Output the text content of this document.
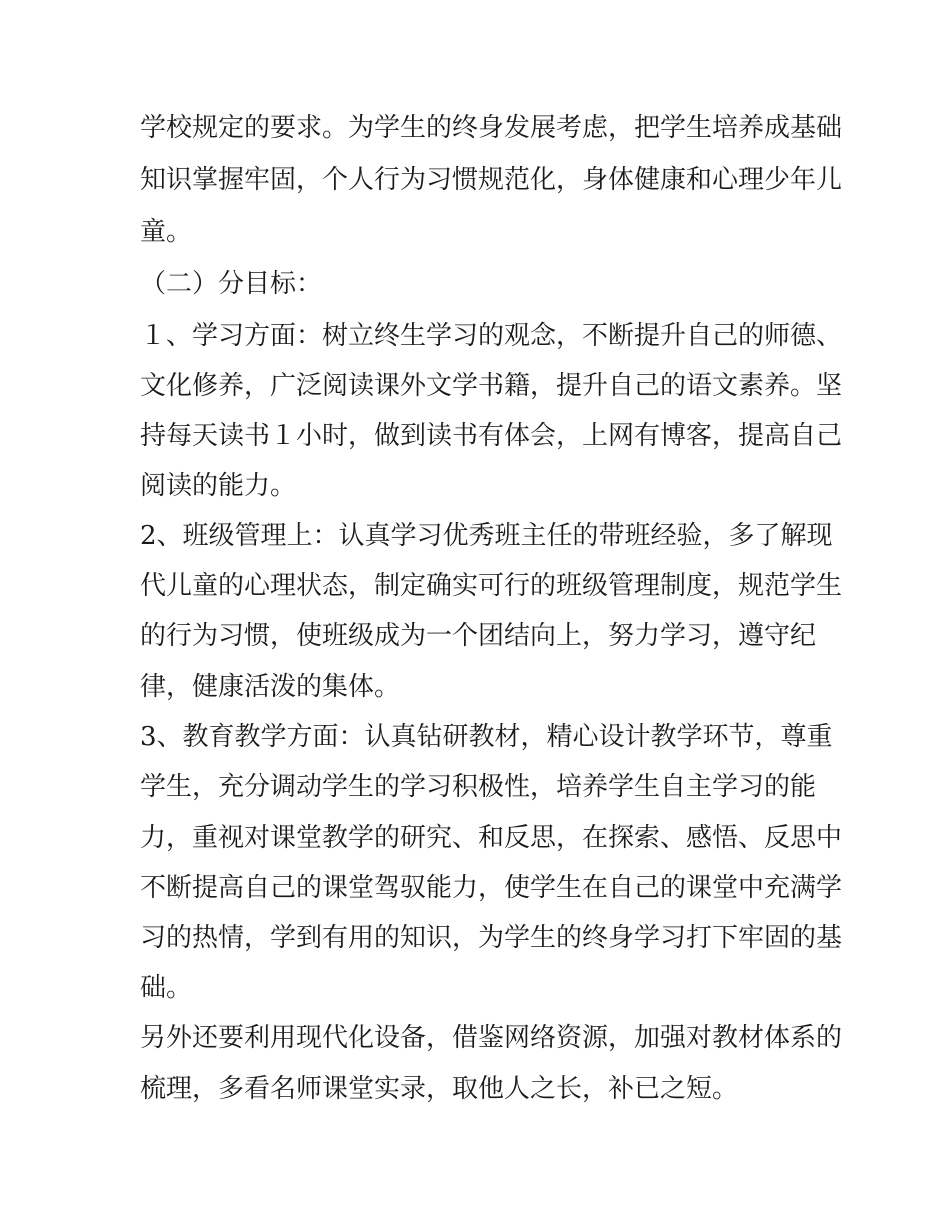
学校规定的要求。为学生的终身发展考虑，把学生培养成基础
知识掌握牢固，个人行为习惯规范化，身体健康和心理少年儿
童。
（二）分目标：
１、学习方面：树立终生学习的观念，不断提升自己的师德、
文化修养，广泛阅读课外文学书籍，提升自己的语文素养。坚
持每天读书１小时，做到读书有体会，上网有博客，提高自己
阅读的能力。
2、班级管理上：认真学习优秀班主任的带班经验，多了解现
代儿童的心理状态，制定确实可行的班级管理制度，规范学生
的行为习惯，使班级成为一个团结向上，努力学习，遵守纪
律，健康活泼的集体。
3、教育教学方面：认真钻研教材，精心设计教学环节，尊重
学生，充分调动学生的学习积极性，培养学生自主学习的能
力，重视对课堂教学的研究、和反思，在探索、感悟、反思中
不断提高自己的课堂驾驭能力，使学生在自己的课堂中充满学
习的热情，学到有用的知识，为学生的终身学习打下牢固的基
础。
另外还要利用现代化设备，借鉴网络资源，加强对教材体系的
梳理，多看名师课堂实录，取他人之长，补已之短。
